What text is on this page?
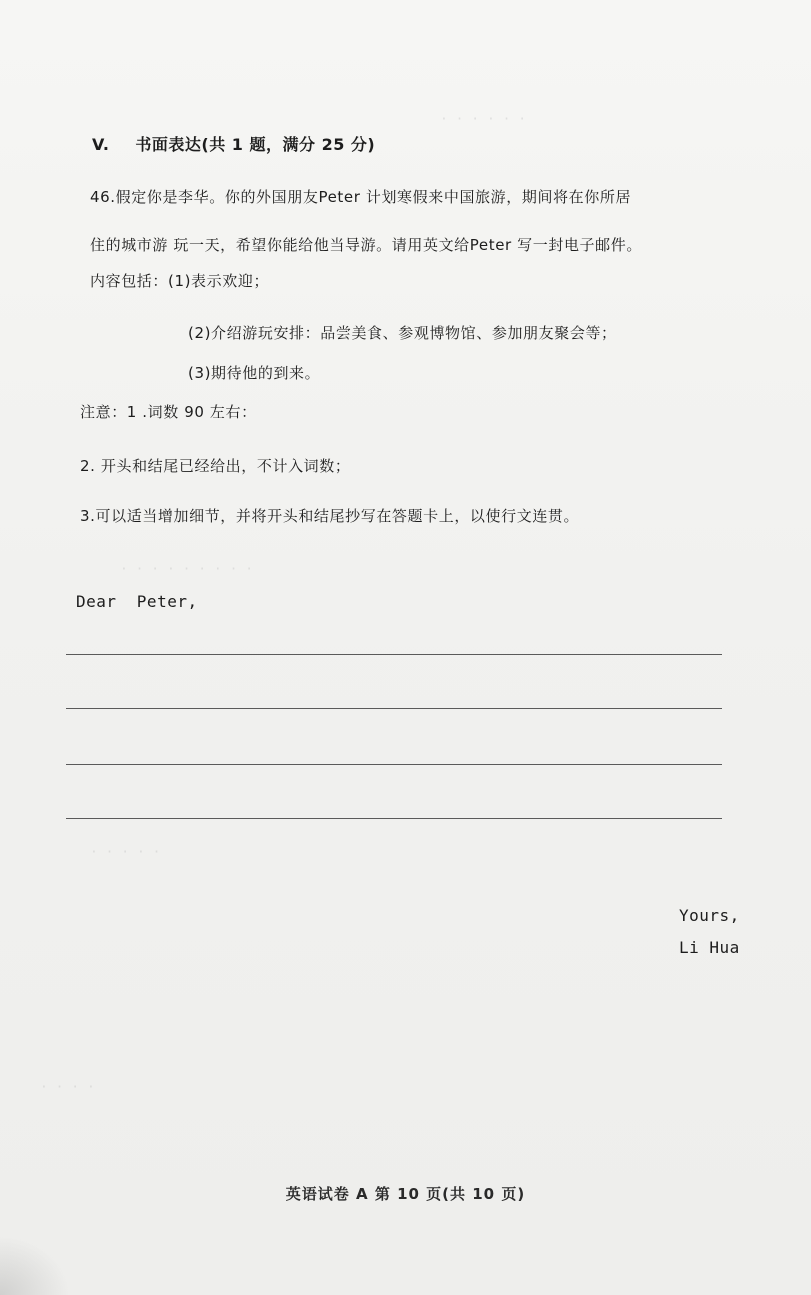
· · · · · ·
· · · · · · · · ·
· · · · ·
· · · ·
V. 书面表达(共 1 题，满分 25 分)
46.假定你是李华。你的外国朋友Peter 计划寒假来中国旅游，期间将在你所居
住的城市游 玩一天，希望你能给他当导游。请用英文给Peter 写一封电子邮件。
内容包括：(1)表示欢迎；
(2)介绍游玩安排：品尝美食、参观博物馆、参加朋友聚会等；
(3)期待他的到来。
注意：1 .词数 90 左右：
2. 开头和结尾已经给出，不计入词数；
3.可以适当增加细节，并将开头和结尾抄写在答题卡上，以使行文连贯。
Dear  Peter,
Yours,
Li Hua
英语试卷 A 第 10 页(共 10 页)
